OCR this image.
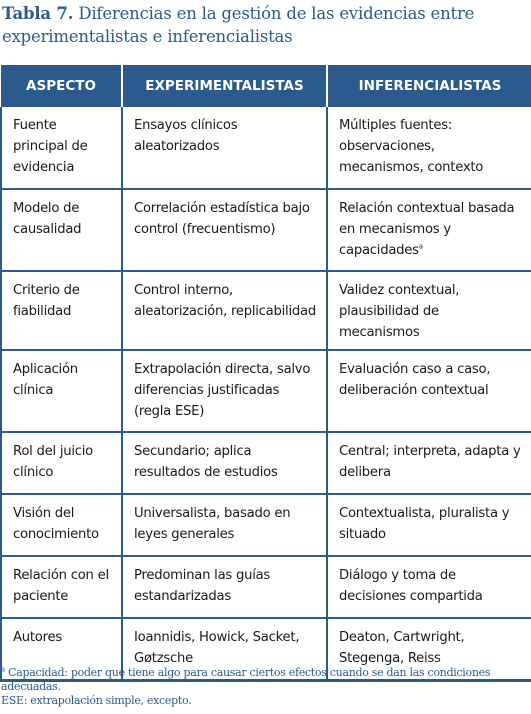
Tabla 7. Diferencias en la gestión de las evidencias entre experimentalistas e inferencialistas
ASPECTO	EXPERIMENTALISTAS	INFERENCIALISTAS
Fuente principal de evidencia	Ensayos clínicos aleatorizados	Múltiples fuentes: observaciones, mecanismos, contexto
Modelo de causalidad	Correlación estadística bajo control (frecuentismo)	Relación contextual basada en mecanismos y capacidades$^a$
Criterio de fiabilidad	Control interno, aleatorización, replicabilidad	Validez contextual, plausibilidad de mecanismos
Aplicación clínica	Extrapolación directa, salvo diferencias justificadas (regla ESE)	Evaluación caso a caso, deliberación contextual
Rol del juicio clínico	Secundario; aplica resultados de estudios	Central; interpreta, adapta y delibera
Visión del conocimiento	Universalista, basado en leyes generales	Contextualista, pluralista y situado
Relación con el paciente	Predominan las guías estandarizadas	Diálogo y toma de decisiones compartida
Autores	Ioannidis, Howick, Sacket, Gøtzsche	Deaton, Cartwright, Stegenga, Reiss
$^a$ Capacidad: poder que tiene algo para causar ciertos efectos cuando se dan las condiciones adecuadas.
ESE: extrapolación simple, excepto.
